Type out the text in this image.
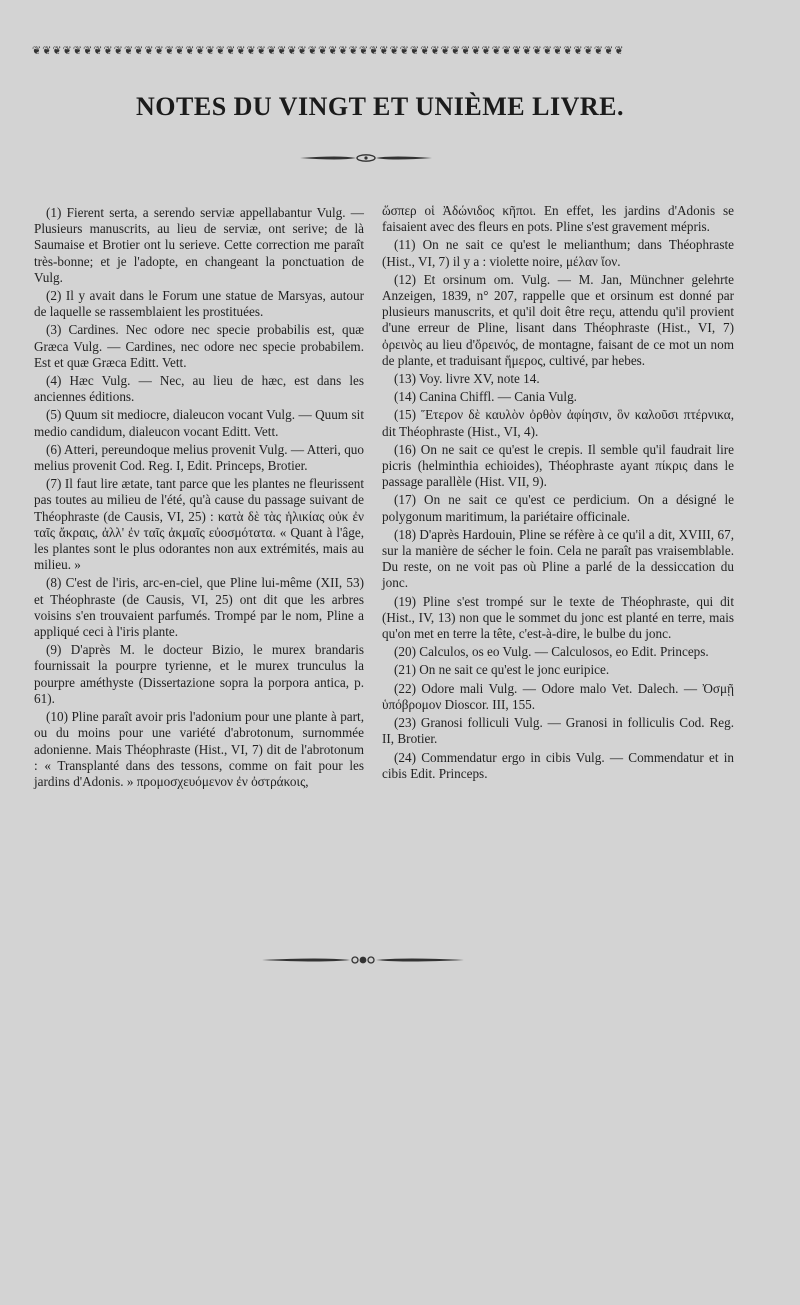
❦❦❦❦❦❦❦❦❦❦❦❦❦❦❦❦❦❦❦❦❦❦❦❦❦❦❦❦❦❦❦❦❦❦❦❦❦❦❦❦❦❦❦❦❦❦❦❦❦❦❦❦❦❦❦❦❦❦
NOTES DU VINGT ET UNIÈME LIVRE.

(1) Fierent serta, a serendo serviæ appellabantur Vulg. — Plusieurs manuscrits, au lieu de serviæ, ont serive; de là Saumaise et Brotier ont lu serieve. Cette correction me paraît très-bonne; et je l'adopte, en changeant la ponctuation de Vulg.

(2) Il y avait dans le Forum une statue de Marsyas, autour de laquelle se rassemblaient les prostituées.

(3) Cardines. Nec odore nec specie probabilis est, quæ Græca Vulg. — Cardines, nec odore nec specie probabilem. Est et quæ Græca Editt. Vett.

(4) Hæc Vulg. — Nec, au lieu de hæc, est dans les anciennes éditions.

(5) Quum sit mediocre, dialeucon vocant Vulg. — Quum sit medio candidum, dialeucon vocant Editt. Vett.

(6) Atteri, pereundoque melius provenit Vulg. — Atteri, quo melius provenit Cod. Reg. I, Edit. Princeps, Brotier.

(7) Il faut lire ætate, tant parce que les plantes ne fleurissent pas toutes au milieu de l'été, qu'à cause du passage suivant de Théophraste (de Causis, VI, 25) : κατὰ δὲ τὰς ἡλικίας οὐκ ἐν ταῖς ἄκραις, ἀλλ' ἐν ταῖς ἀκμαῖς εὐοσμότατα. « Quant à l'âge, les plantes sont le plus odorantes non aux extrémités, mais au milieu. »

(8) C'est de l'iris, arc-en-ciel, que Pline lui-même (XII, 53) et Théophraste (de Causis, VI, 25) ont dit que les arbres voisins s'en trouvaient parfumés. Trompé par le nom, Pline a appliqué ceci à l'iris plante.

(9) D'après M. le docteur Bizio, le murex brandaris fournissait la pourpre tyrienne, et le murex trunculus la pourpre améthyste (Dissertazione sopra la porpora antica, p. 61).

(10) Pline paraît avoir pris l'adonium pour une plante à part, ou du moins pour une variété d'abrotonum, surnommée adonienne. Mais Théophraste (Hist., VI, 7) dit de l'abrotonum : « Transplanté dans des tessons, comme on fait pour les jardins d'Adonis. » προμοσχευόμενον ἐν ὀστράκοις,

ὥσπερ οἱ Ἀδώνιδος κῆποι. En effet, les jardins d'Adonis se faisaient avec des fleurs en pots. Pline s'est gravement mépris.

(11) On ne sait ce qu'est le melianthum; dans Théophraste (Hist., VI, 7) il y a : violette noire, μέλαν ἴον.

(12) Et orsinum om. Vulg. — M. Jan, Münchner gelehrte Anzeigen, 1839, n° 207, rappelle que et orsinum est donné par plusieurs manuscrits, et qu'il doit être reçu, attendu qu'il provient d'une erreur de Pline, lisant dans Théophraste (Hist., VI, 7) ὀρεινὸς au lieu d'ὄρεινός, de montagne, faisant de ce mot un nom de plante, et traduisant ἥμερος, cultivé, par hebes.

(13) Voy. livre XV, note 14.

(14) Canina Chiffl. — Cania Vulg.

(15) Ἕτερον δὲ καυλὸν ὀρθὸν ἀφίησιν, ὃν καλοῦσι πτέρνικα, dit Théophraste (Hist., VI, 4).

(16) On ne sait ce qu'est le crepis. Il semble qu'il faudrait lire picris (helminthia echioides), Théophraste ayant πίκρις dans le passage parallèle (Hist. VII, 9).

(17) On ne sait ce qu'est ce perdicium. On a désigné le polygonum maritimum, la pariétaire officinale.

(18) D'après Hardouin, Pline se réfère à ce qu'il a dit, XVIII, 67, sur la manière de sécher le foin. Cela ne paraît pas vraisemblable. Du reste, on ne voit pas où Pline a parlé de la dessiccation du jonc.

(19) Pline s'est trompé sur le texte de Théophraste, qui dit (Hist., IV, 13) non que le sommet du jonc est planté en terre, mais qu'on met en terre la tête, c'est-à-dire, le bulbe du jonc.

(20) Calculos, os eo Vulg. — Calculosos, eo Edit. Princeps.

(21) On ne sait ce qu'est le jonc euripice.

(22) Odore mali Vulg. — Odore malo Vet. Dalech. — Ὀσμῇ ὑπόβρομον Dioscor. III, 155.

(23) Granosi folliculi Vulg. — Granosi in folliculis Cod. Reg. II, Brotier.

(24) Commendatur ergo in cibis Vulg. — Commendatur et in cibis Edit. Princeps.
